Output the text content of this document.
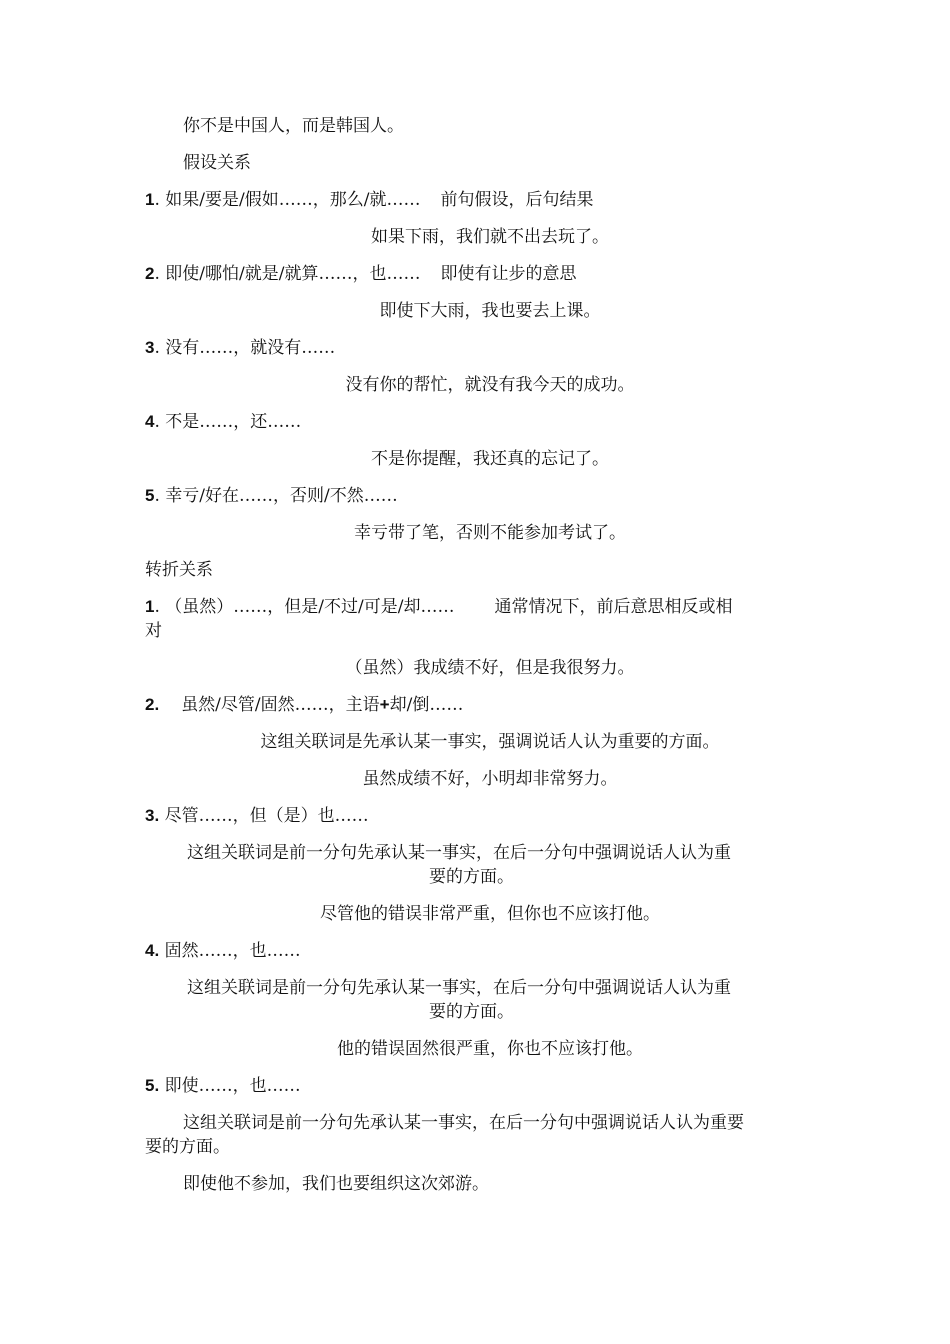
你不是中国人，而是韩国人。

假设关系

1. 如果/要是/假如……，那么/就…… 前句假设，后句结果

如果下雨，我们就不出去玩了。

2. 即使/哪怕/就是/就算……，也…… 即使有让步的意思

即使下大雨，我也要去上课。

3. 没有……，就没有……

没有你的帮忙，就没有我今天的成功。

4. 不是……，还……

不是你提醒，我还真的忘记了。

5. 幸亏/好在……，否则/不然……

幸亏带了笔，否则不能参加考试了。

转折关系

1. （虽然）……，但是/不过/可是/却…… 通常情况下，前后意思相反或相

对

（虽然）我成绩不好，但是我很努力。

2. 虽然/尽管/固然……，主语+却/倒……

这组关联词是先承认某一事实，强调说话人认为重要的方面。

虽然成绩不好，小明却非常努力。

3. 尽管……，但（是）也……

这组关联词是前一分句先承认某一事实，在后一分句中强调说话人认为重

要的方面。

尽管他的错误非常严重，但你也不应该打他。

4. 固然……，也……

这组关联词是前一分句先承认某一事实，在后一分句中强调说话人认为重

要的方面。

他的错误固然很严重，你也不应该打他。

5. 即使……，也……

这组关联词是前一分句先承认某一事实，在后一分句中强调说话人认为重要

要的方面。

即使他不参加，我们也要组织这次郊游。
